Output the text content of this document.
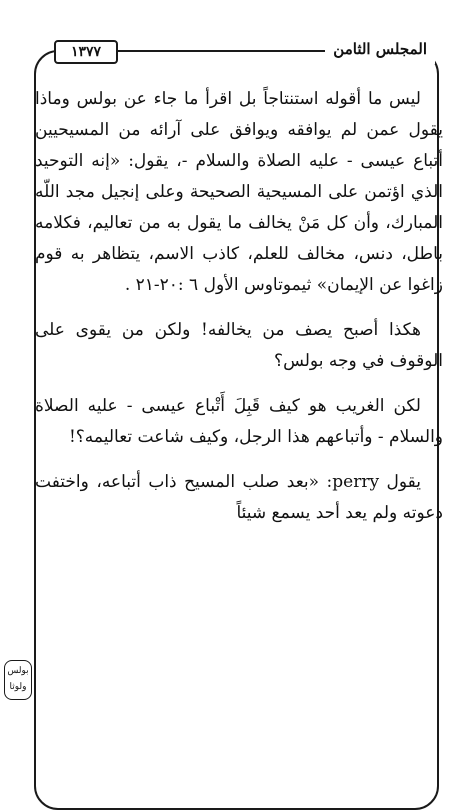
المجلس الثامن
١٣٧٧

ليس ما أقوله استنتاجاً بل اقرأ ما جاء عن بولس وماذا يقول عمن لم يوافقه ويوافق على آرائه من المسيحيين أتباع عيسى - عليه الصلاة والسلام -، يقول: «إنه التوحيد الذي اؤتمن على المسيحية الصحيحة وعلى إنجيل مجد اللّه المبارك، وأن كل مَنْ يخالف ما يقول به من تعاليم، فكلامه باطل، دنس، مخالف للعلم، كاذب الاسم، يتظاهر به قوم زاغوا عن الإيمان» ثيموتاوس الأول ٦ :٢٠-٢١ .

هكذا أصبح يصف من يخالفه! ولكن من يقوى على الوقوف في وجه بولس؟

لكن الغريب هو كيف قَبِلَ أَتْباع عيسى - عليه الصلاة والسلام - وأتباعهم هذا الرجل، وكيف شاعت تعاليمه؟!

يقول perry: «بعد صلب المسيح ذاب أتباعه، واختفت دعوته ولم يعد أحد يسمع شيئاً

بولس
ولوثا
